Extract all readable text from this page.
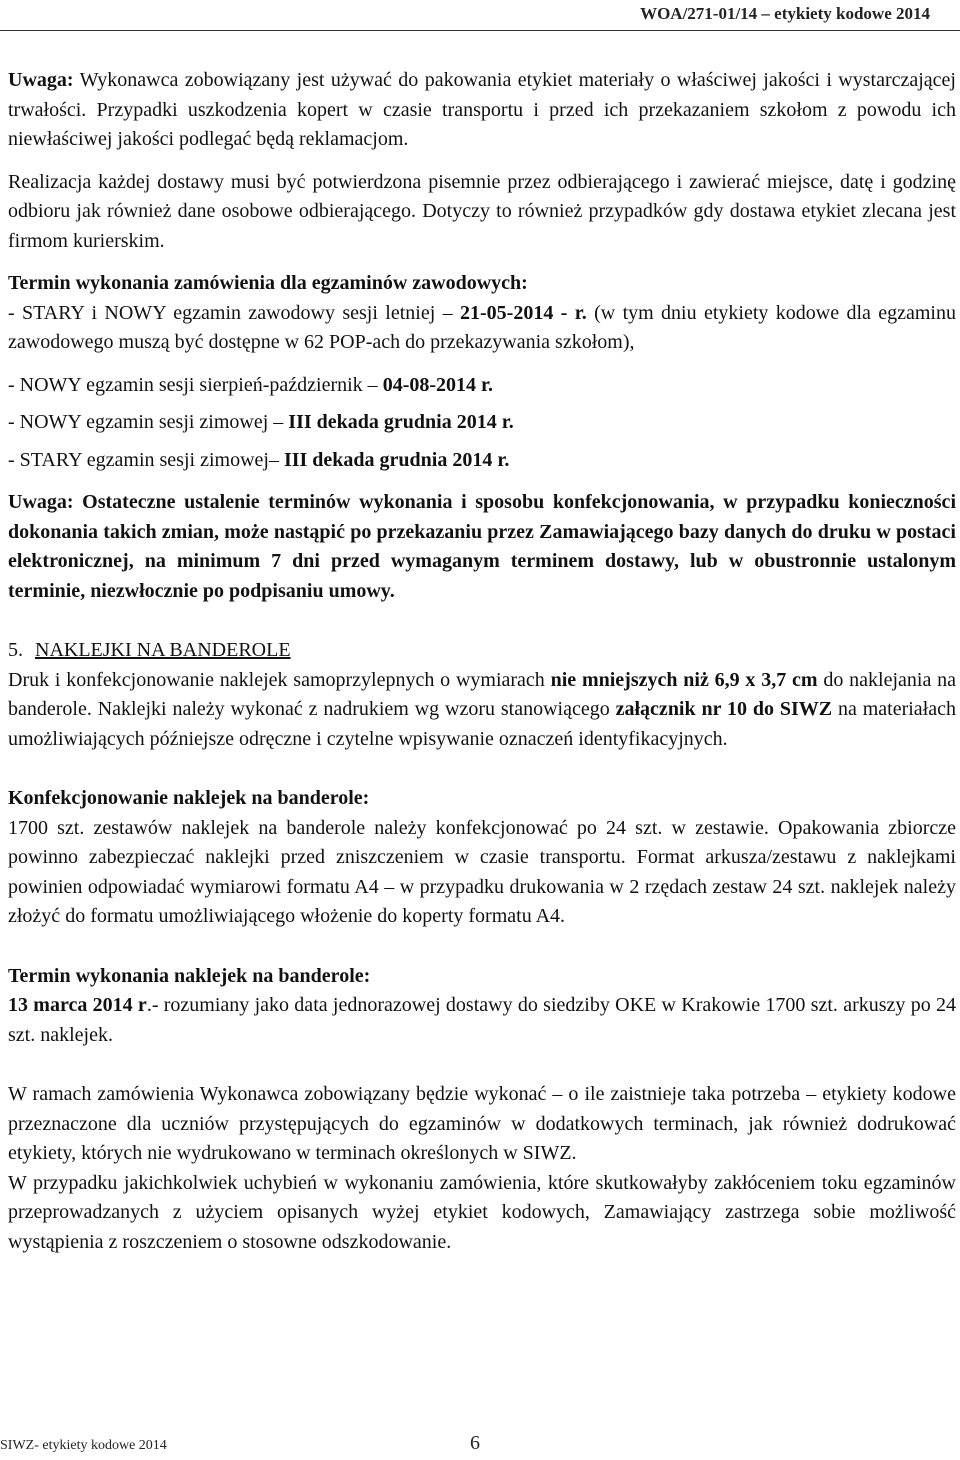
WOA/271-01/14 – etykiety kodowe 2014

Uwaga: Wykonawca zobowiązany jest używać do pakowania etykiet materiały o właściwej jakości i wystarczającej trwałości. Przypadki uszkodzenia kopert w czasie transportu i przed ich przekazaniem szkołom z powodu ich niewłaściwej jakości podlegać będą reklamacjom.

Realizacja każdej dostawy musi być potwierdzona pisemnie przez odbierającego i zawierać miejsce, datę i godzinę odbioru jak również dane osobowe odbierającego. Dotyczy to również przypadków gdy dostawa etykiet zlecana jest firmom kurierskim.

Termin wykonania zamówienia dla egzaminów zawodowych:

- STARY i NOWY egzamin zawodowy sesji letniej – 21-05-2014 - r. (w tym dniu etykiety kodowe dla egzaminu zawodowego muszą być dostępne w 62 POP-ach do przekazywania szkołom),

- NOWY egzamin sesji sierpień-październik – 04-08-2014 r.

- NOWY egzamin sesji zimowej – III dekada grudnia 2014 r.

- STARY egzamin sesji zimowej– III dekada grudnia 2014 r.

Uwaga: Ostateczne ustalenie terminów wykonania i sposobu konfekcjonowania, w przypadku konieczności dokonania takich zmian, może nastąpić po przekazaniu przez Zamawiającego bazy danych do druku w postaci elektronicznej, na minimum 7 dni przed wymaganym terminem dostawy, lub w obustronnie ustalonym terminie, niezwłocznie po podpisaniu umowy.

5. NAKLEJKI NA BANDEROLE

Druk i konfekcjonowanie naklejek samoprzylepnych o wymiarach nie mniejszych niż 6,9 x 3,7 cm do naklejania na banderole. Naklejki należy wykonać z nadrukiem wg wzoru stanowiącego załącznik nr 10 do SIWZ na materiałach umożliwiających późniejsze odręczne i czytelne wpisywanie oznaczeń identyfikacyjnych.

Konfekcjonowanie naklejek na banderole:

1700 szt. zestawów naklejek na banderole należy konfekcjonować po 24 szt. w zestawie. Opakowania zbiorcze powinno zabezpieczać naklejki przed zniszczeniem w czasie transportu. Format arkusza/zestawu z naklejkami powinien odpowiadać wymiarowi formatu A4 – w przypadku drukowania w 2 rzędach zestaw 24 szt. naklejek należy złożyć do formatu umożliwiającego włożenie do koperty formatu A4.

Termin wykonania naklejek na banderole:

13 marca 2014 r.- rozumiany jako data jednorazowej dostawy do siedziby OKE w Krakowie 1700 szt. arkuszy po 24 szt. naklejek.

W ramach zamówienia Wykonawca zobowiązany będzie wykonać – o ile zaistnieje taka potrzeba – etykiety kodowe przeznaczone dla uczniów przystępujących do egzaminów w dodatkowych terminach, jak również dodrukować etykiety, których nie wydrukowano w terminach określonych w SIWZ.

W przypadku jakichkolwiek uchybień w wykonaniu zamówienia, które skutkowałyby zakłóceniem toku egzaminów przeprowadzanych z użyciem opisanych wyżej etykiet kodowych, Zamawiający zastrzega sobie możliwość wystąpienia z roszczeniem o stosowne odszkodowanie.

SIWZ- etykiety kodowe 2014	6
